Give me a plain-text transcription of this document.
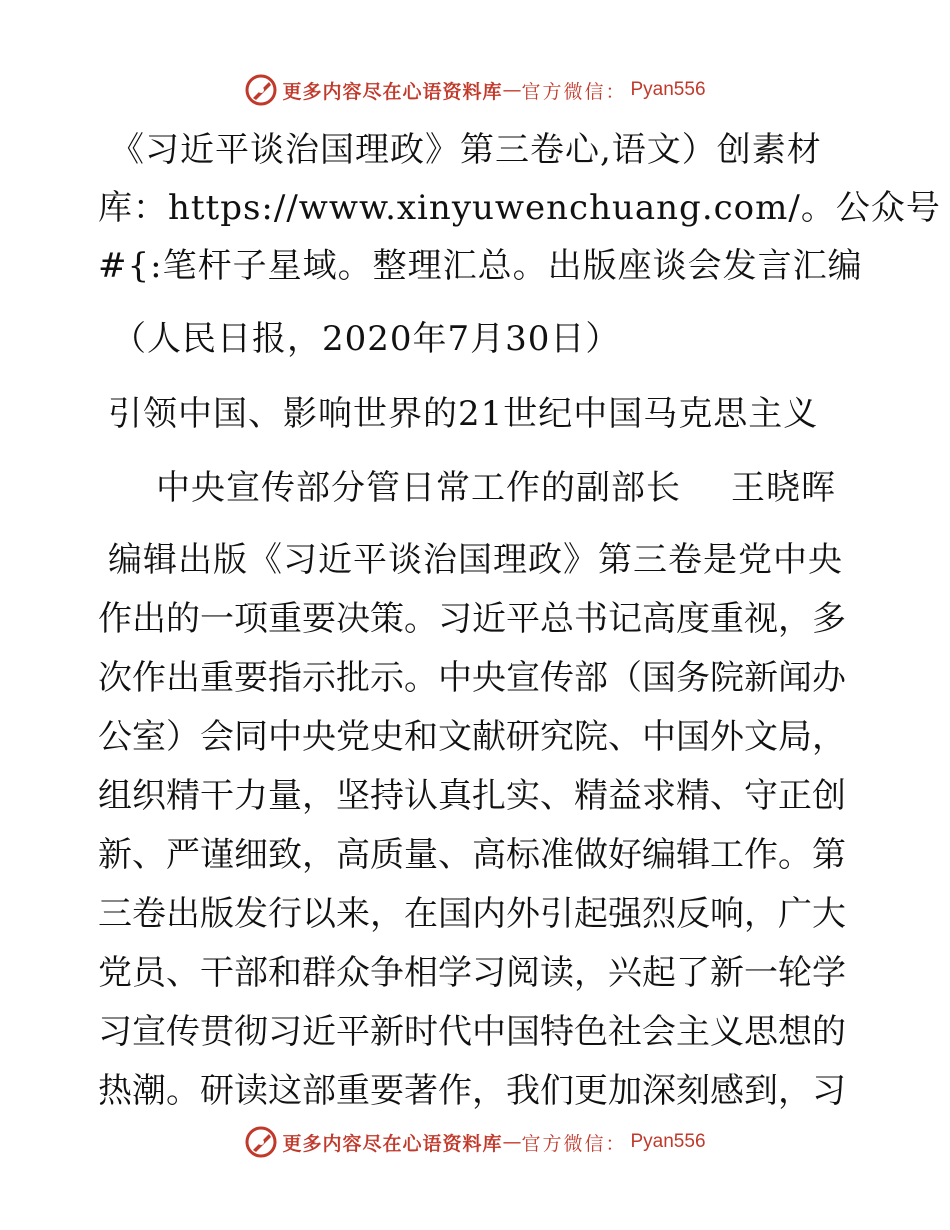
更多内容尽在心语资料库 — 官方微信： Pyan556
《习近平谈治国理政》第三卷心,语文）创素材
库：https://www.xinyuwenchuang.com/。公众号
#{:笔杆子星域。整理汇总。出版座谈会发言汇编
（人民日报，2020年7月30日）
引领中国、影响世界的21世纪中国马克思主义
中央宣传部分管日常工作的副部长 王晓晖
编辑出版《习近平谈治国理政》第三卷是党中央
作出的一项重要决策。习近平总书记高度重视，多
次作出重要指示批示。中央宣传部（国务院新闻办
公室）会同中央党史和文献研究院、中国外文局，
组织精干力量，坚持认真扎实、精益求精、守正创
新、严谨细致，高质量、高标准做好编辑工作。第
三卷出版发行以来，在国内外引起强烈反响，广大
党员、干部和群众争相学习阅读，兴起了新一轮学
习宣传贯彻习近平新时代中国特色社会主义思想的
热潮。研读这部重要著作，我们更加深刻感到，习
更多内容尽在心语资料库 — 官方微信： Pyan556
